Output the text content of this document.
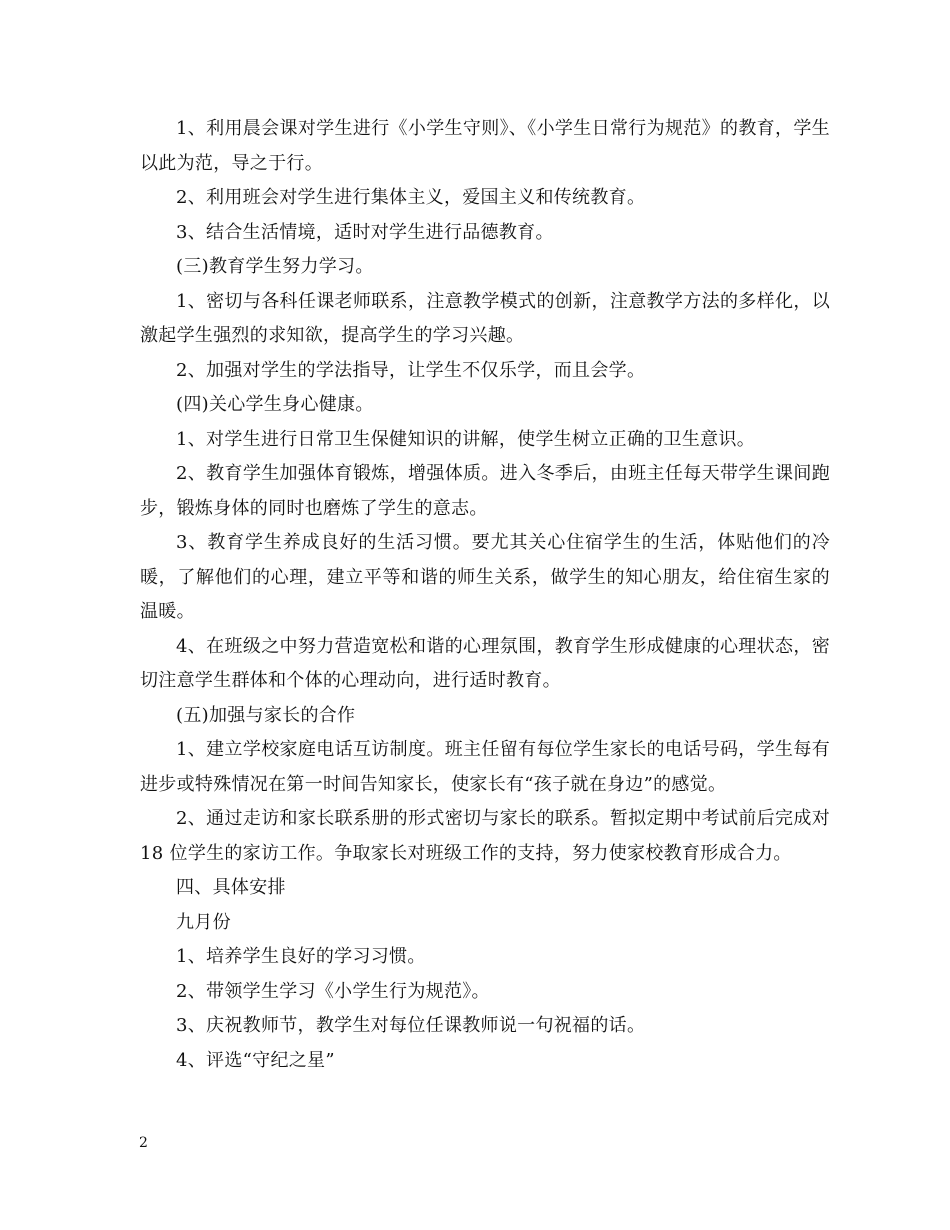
1、利用晨会课对学生进行《小学生守则》、《小学生日常行为规范》的教育，学生以此为范，导之于行。

2、利用班会对学生进行集体主义，爱国主义和传统教育。

3、结合生活情境，适时对学生进行品德教育。

(三)教育学生努力学习。

1、密切与各科任课老师联系，注意教学模式的创新，注意教学方法的多样化，以激起学生强烈的求知欲，提高学生的学习兴趣。

2、加强对学生的学法指导，让学生不仅乐学，而且会学。

(四)关心学生身心健康。

1、对学生进行日常卫生保健知识的讲解，使学生树立正确的卫生意识。

2、教育学生加强体育锻炼，增强体质。进入冬季后，由班主任每天带学生课间跑步，锻炼身体的同时也磨炼了学生的意志。

3、教育学生养成良好的生活习惯。要尤其关心住宿学生的生活，体贴他们的冷暖，了解他们的心理，建立平等和谐的师生关系，做学生的知心朋友，给住宿生家的温暖。

4、在班级之中努力营造宽松和谐的心理氛围，教育学生形成健康的心理状态，密切注意学生群体和个体的心理动向，进行适时教育。

(五)加强与家长的合作

1、建立学校家庭电话互访制度。班主任留有每位学生家长的电话号码，学生每有进步或特殊情况在第一时间告知家长，使家长有“孩子就在身边”的感觉。

2、通过走访和家长联系册的形式密切与家长的联系。暂拟定期中考试前后完成对 18 位学生的家访工作。争取家长对班级工作的支持，努力使家校教育形成合力。

四、具体安排

九月份

1、培养学生良好的学习习惯。

2、带领学生学习《小学生行为规范》。

3、庆祝教师节，教学生对每位任课教师说一句祝福的话。

4、评选“守纪之星”

2
